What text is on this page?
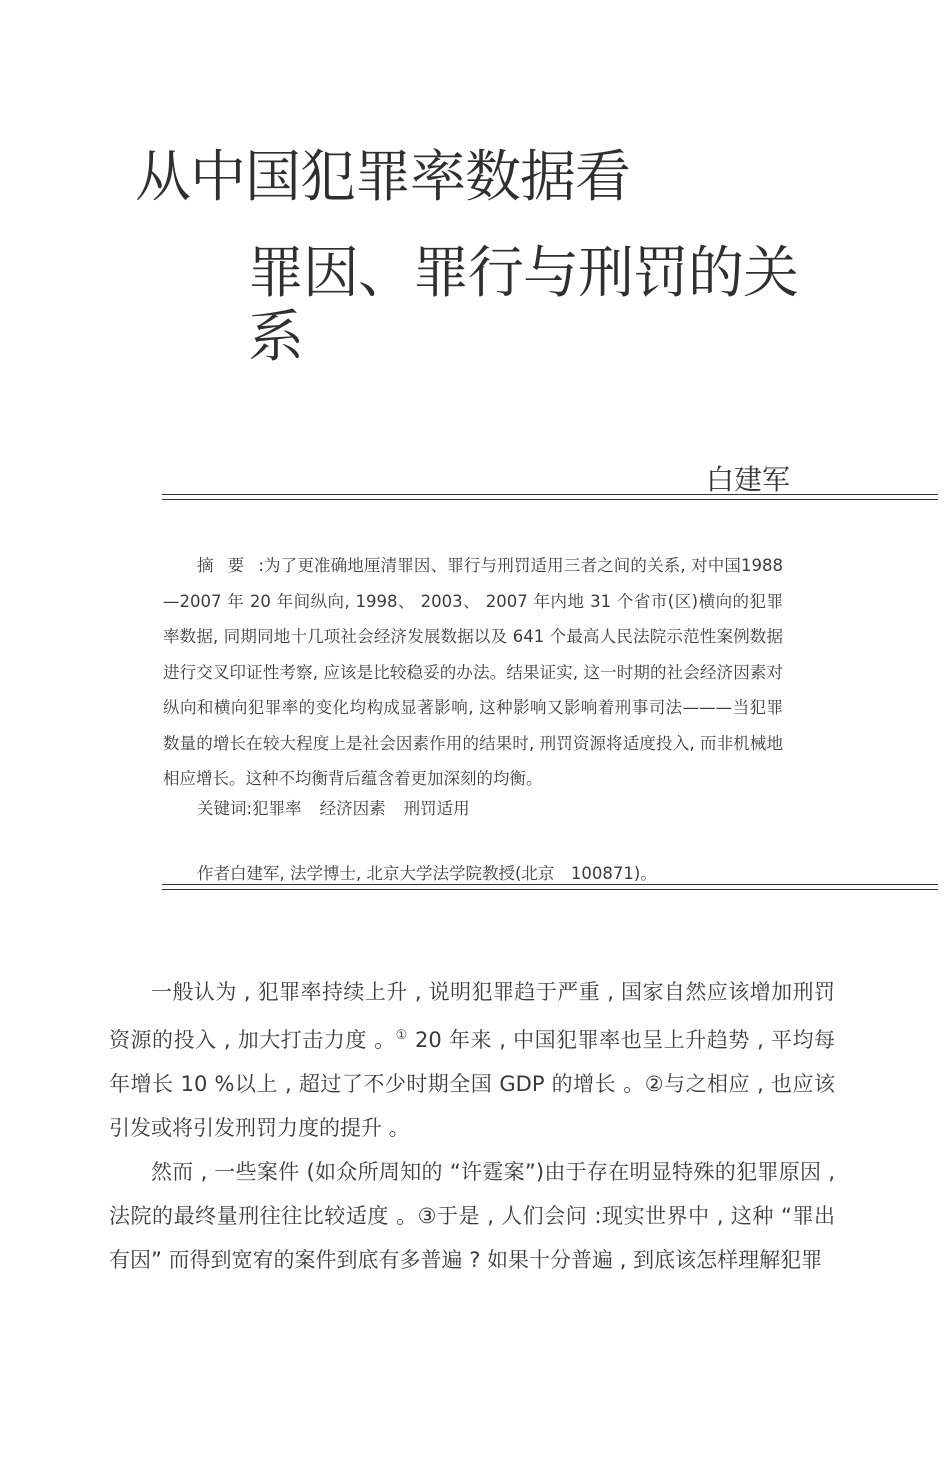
从中国犯罪率数据看
罪因、罪行与刑罚的关系
白建军

摘要:为了更准确地厘清罪因、罪行与刑罚适用三者之间的关系, 对中国1988—2007 年 20 年间纵向, 1998、 2003、 2007 年内地 31 个省市(区)横向的犯罪率数据, 同期同地十几项社会经济发展数据以及 641 个最高人民法院示范性案例数据进行交叉印证性考察, 应该是比较稳妥的办法。结果证实, 这一时期的社会经济因素对纵向和横向犯罪率的变化均构成显著影响, 这种影响又影响着刑事司法———当犯罪数量的增长在较大程度上是社会因素作用的结果时, 刑罚资源将适度投入, 而非机械地相应增长。这种不均衡背后蕴含着更加深刻的均衡。

关键词:犯罪率 经济因素 刑罚适用
作者白建军, 法学博士, 北京大学法学院教授(北京　100871)。

一般认为 , 犯罪率持续上升 , 说明犯罪趋于严重 , 国家自然应该增加刑罚资源的投入 , 加大打击力度 。① 20 年来 , 中国犯罪率也呈上升趋势 , 平均每年增长 10 %以上 , 超过了不少时期全国 GDP 的增长 。②与之相应 , 也应该引发或将引发刑罚力度的提升 。

然而 , 一些案件 (如众所周知的 “许霆案”)由于存在明显特殊的犯罪原因 , 法院的最终量刑往往比较适度 。③于是 , 人们会问 :现实世界中 , 这种 “罪出有因” 而得到宽宥的案件到底有多普遍 ? 如果十分普遍 , 到底该怎样理解犯罪
